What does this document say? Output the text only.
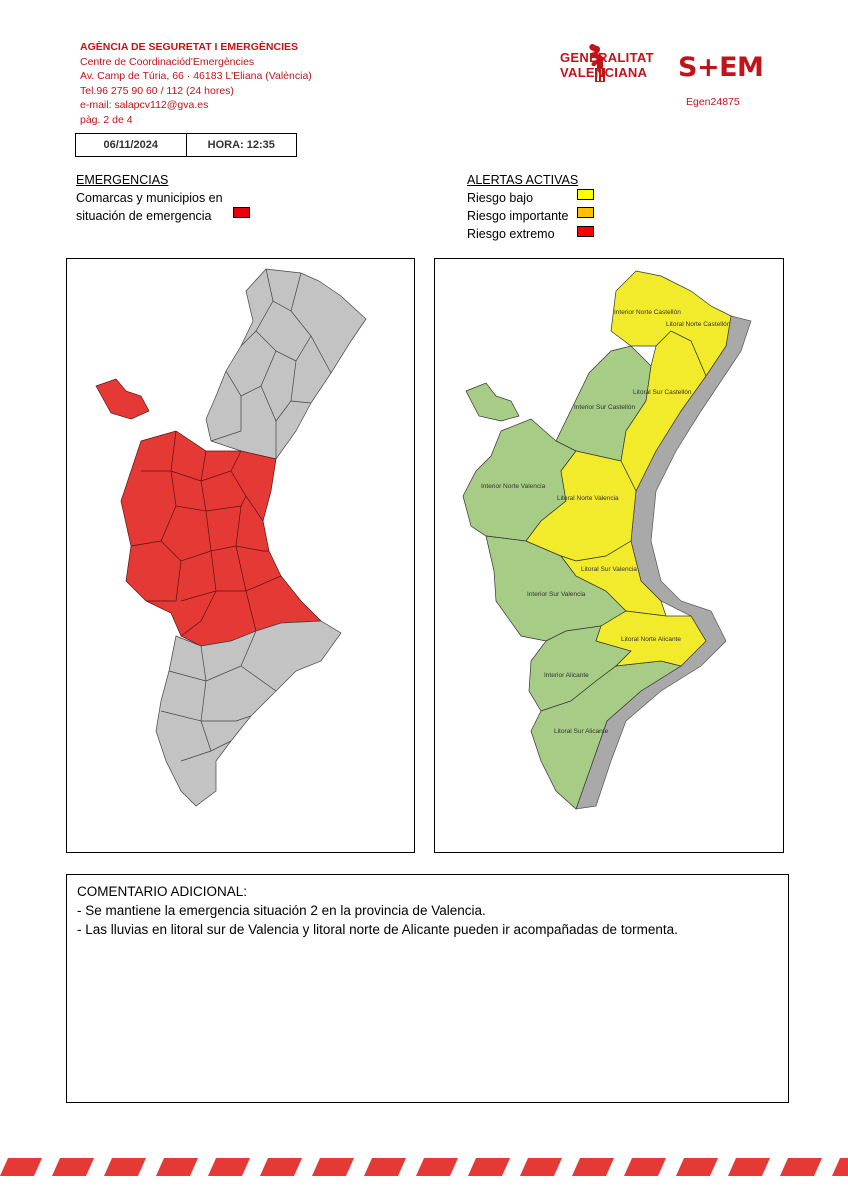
AGÈNCIA DE SEGURETAT I EMERGÈNCIES
Centre de Coordinaciód'Emergències
Av. Camp de Túria, 66 · 46183 L'Eliana (València)
Tel.96 275 90 60 / 112 (24 hores)
e-mail: salapcv112@gva.es
pàg. 2 de 4
GENERALITAT
VALENCIANA S+EM
Egen24875
06/11/2024	HORA: 12:35
EMERGENCIAS
Comarcas y municipios en
situación de emergencia
ALERTAS ACTIVAS
Riesgo bajo
Riesgo importante
Riesgo extremo
Interior Norte Castellón
Litoral Norte Castellón
Litoral Sur Castellón
Interior Sur Castellón
Interior Norte Valencia
Litoral Norte Valencia
Litoral Sur Valencia
Interior Sur Valencia
Litoral Norte Alicante
Interior Alicante
Litoral Sur Alicante
COMENTARIO ADICIONAL:
- Se mantiene la emergencia situación 2 en la provincia de Valencia.
- Las lluvias en litoral sur de Valencia y litoral norte de Alicante pueden ir acompañadas de tormenta.
